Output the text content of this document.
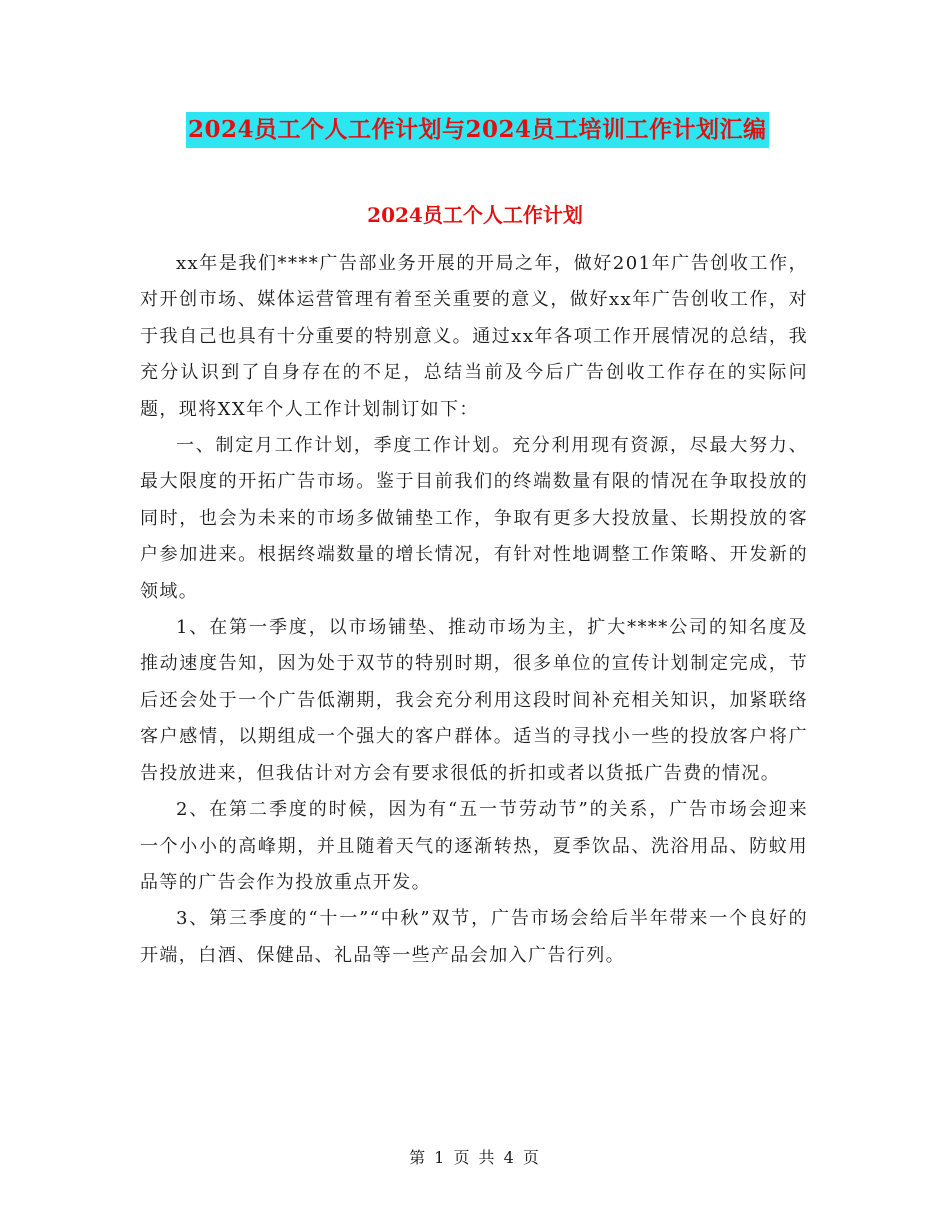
2024员工个人工作计划与2024员工培训工作计划汇编
2024员工个人工作计划

xx年是我们****广告部业务开展的开局之年，做好201年广告创收工作，对开创市场、媒体运营管理有着至关重要的意义，做好xx年广告创收工作，对于我自己也具有十分重要的特别意义。通过xx年各项工作开展情况的总结，我充分认识到了自身存在的不足，总结当前及今后广告创收工作存在的实际问题，现将XX年个人工作计划制订如下：

一、制定月工作计划，季度工作计划。充分利用现有资源，尽最大努力、最大限度的开拓广告市场。鉴于目前我们的终端数量有限的情况在争取投放的同时，也会为未来的市场多做铺垫工作，争取有更多大投放量、长期投放的客户参加进来。根据终端数量的增长情况，有针对性地调整工作策略、开发新的领域。

1、在第一季度，以市场铺垫、推动市场为主，扩大****公司的知名度及推动速度告知，因为处于双节的特别时期，很多单位的宣传计划制定完成，节后还会处于一个广告低潮期，我会充分利用这段时间补充相关知识，加紧联络客户感情，以期组成一个强大的客户群体。适当的寻找小一些的投放客户将广告投放进来，但我估计对方会有要求很低的折扣或者以货抵广告费的情况。

2、在第二季度的时候，因为有“五一节劳动节”的关系，广告市场会迎来一个小小的高峰期，并且随着天气的逐渐转热，夏季饮品、洗浴用品、防蚊用品等的广告会作为投放重点开发。

3、第三季度的“十一”“中秋”双节，广告市场会给后半年带来一个良好的开端，白酒、保健品、礼品等一些产品会加入广告行列。

第 1 页 共 4 页
